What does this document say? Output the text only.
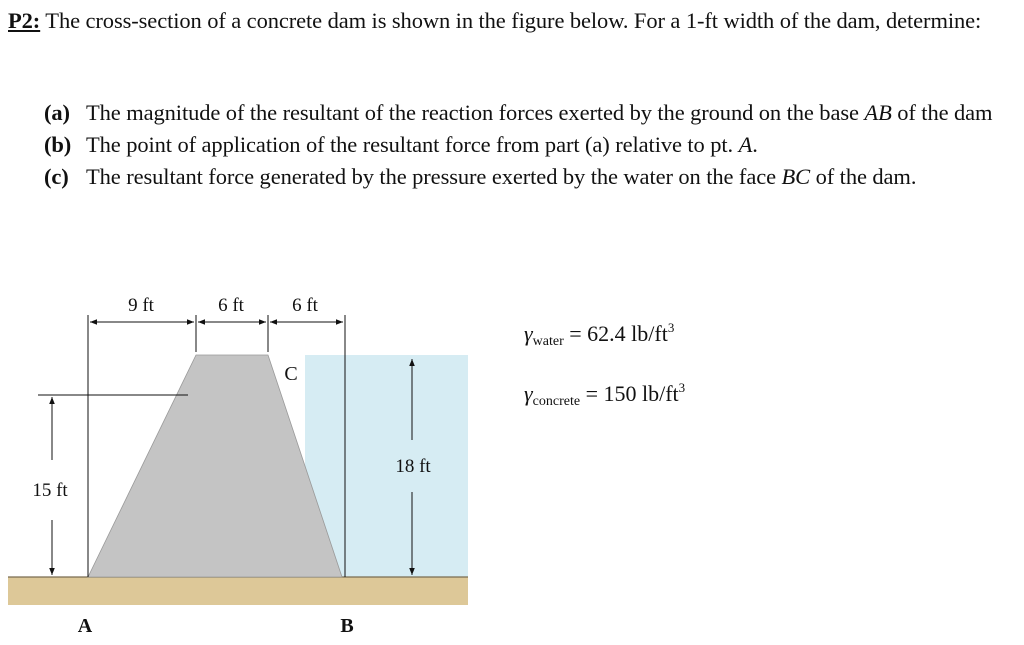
P2: The cross-section of a concrete dam is shown in the figure below. For a 1-ft width of the dam, determine:
(a) The magnitude of the resultant of the reaction forces exerted by the ground on the base AB of the dam
(b) The point of application of the resultant force from part (a) relative to pt. A.
(c) The resultant force generated by the pressure exerted by the water on the face BC of the dam.
9 ft	6 ft	6 ft
15 ft
18 ft
C
A	B
$\gamma_{water} = 62.4$ $lb/ft^3$
$\gamma_{concrete} = 150$ $lb/ft^3$
